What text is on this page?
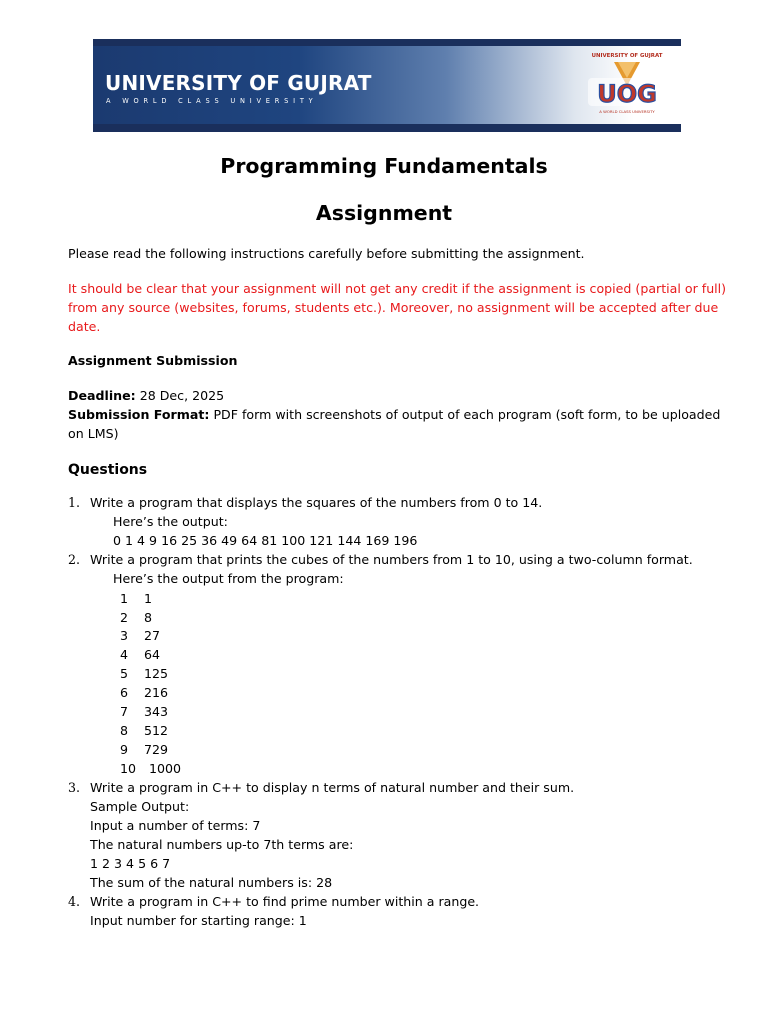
UNIVERSITY OF GUJRAT
A WORLD CLASS UNIVERSITY
UNIVERSITY OF GUJRAT
UOG
A WORLD CLASS UNIVERSITY
Programming Fundamentals
Assignment
Please read the following instructions carefully before submitting the assignment.
It should be clear that your assignment will not get any credit if the assignment is copied (partial or full)
from any source (websites, forums, students etc.). Moreover, no assignment will be accepted after due
date.
Assignment Submission
Deadline: 28 Dec, 2025
Submission Format: PDF form with screenshots of output of each program (soft form, to be uploaded
on LMS)
Questions
1. Write a program that displays the squares of the numbers from 0 to 14.
Here’s the output:
0 1 4 9 16 25 36 49 64 81 100 121 144 169 196
2. Write a program that prints the cubes of the numbers from 1 to 10, using a two-column format.
Here’s the output from the program:
1	1
2	8
3	27
4	64
5	125
6	216
7	343
8	512
9	729
10	1000
3. Write a program in C++ to display n terms of natural number and their sum.
Sample Output:
Input a number of terms: 7
The natural numbers up-to 7th terms are:
1 2 3 4 5 6 7
The sum of the natural numbers is: 28
4. Write a program in C++ to find prime number within a range.
Input number for starting range: 1
